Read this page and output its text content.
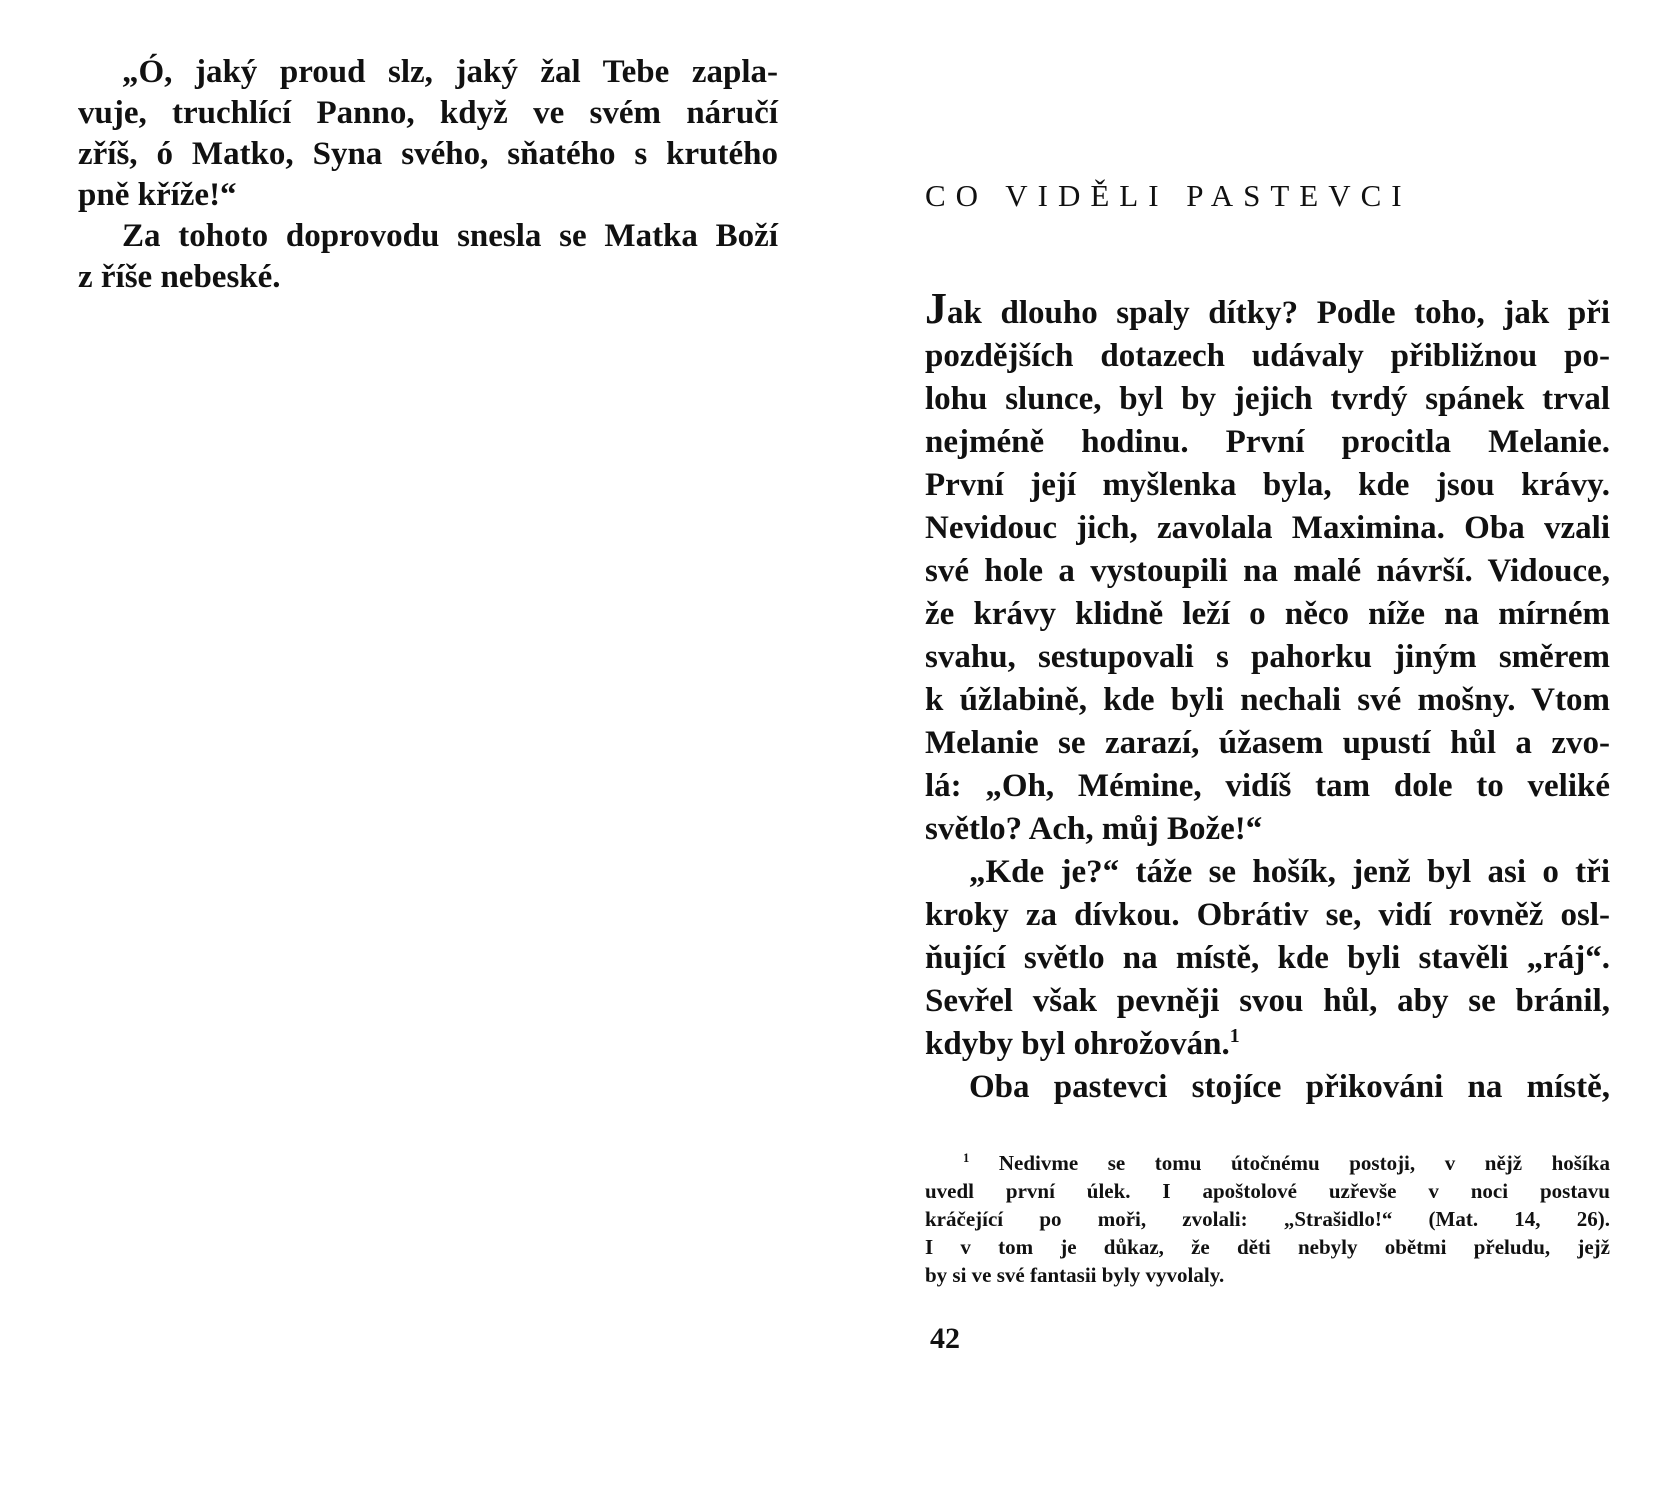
„Ó, jaký proud slz, jaký žal Tebe zapla-
vuje, truchlící Panno, když ve svém náručí
zříš, ó Matko, Syna svého, sňatého s krutého
pně kříže!“

Za tohoto doprovodu snesla se Matka Boží
z říše nebeské.

CO VIDĚLI PASTEVCI
Jak dlouho spaly dítky? Podle toho, jak při
pozdějších dotazech udávaly přibližnou po-
lohu slunce, byl by jejich tvrdý spánek trval
nejméně hodinu. První procitla Melanie.
První její myšlenka byla, kde jsou krávy.
Nevidouc jich, zavolala Maximina. Oba vzali
své hole a vystoupili na malé návrší. Vidouce,
že krávy klidně leží o něco níže na mírném
svahu, sestupovali s pahorku jiným směrem
k úžlabině, kde byli nechali své mošny. Vtom
Melanie se zarazí, úžasem upustí hůl a zvo-
lá: „Oh, Mémine, vidíš tam dole to veliké
světlo? Ach, můj Bože!“
„Kde je?“ táže se hošík, jenž byl asi o tři
kroky za dívkou. Obrátiv se, vidí rovněž osl-
ňující světlo na místě, kde byli stavěli „ráj“.
Sevřel však pevněji svou hůl, aby se bránil,
kdyby byl ohrožován.$^1$
Oba pastevci stojíce přikováni na místě,
$^1$ Nedivme se tomu útočnému postoji, v nějž hošíka
uvedl první úlek. I apoštolové uzřevše v noci postavu
kráčející po moři, zvolali: „Strašidlo!“ (Mat. 14, 26).
I v tom je důkaz, že děti nebyly obětmi přeludu, jejž
by si ve své fantasii byly vyvolaly.
42
